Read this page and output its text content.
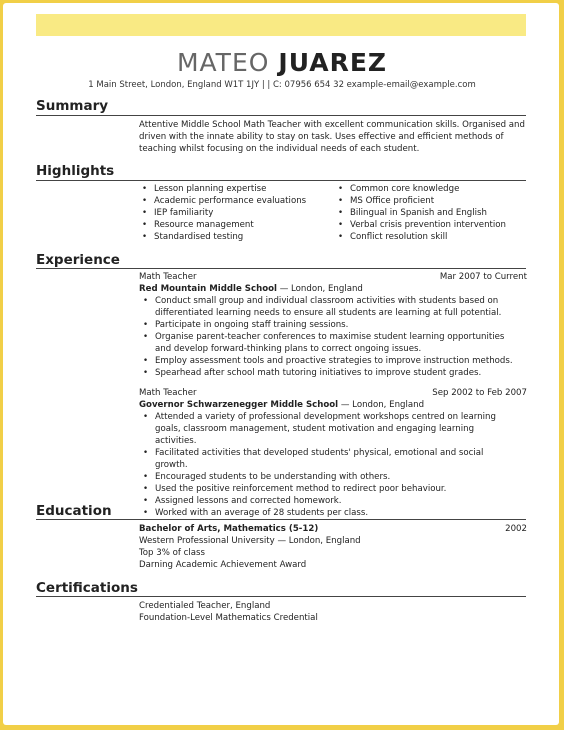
MATEO JUAREZ
1 Main Street, London, England W1T 1JY | | C: 07956 654 32 example-email@example.com
Summary

Attentive Middle School Math Teacher with excellent communication skills. Organised and driven with the innate ability to stay on task. Uses effective and efficient methods of teaching whilst focusing on the individual needs of each student.

Highlights
• Lesson planning expertise
• Academic performance evaluations
• IEP familiarity
• Resource management
• Standardised testing
• Common core knowledge
• MS Office proficient
• Bilingual in Spanish and English
• Verbal crisis prevention intervention
• Conflict resolution skill
Experience
Math Teacher	Mar 2007 to Current
Red Mountain Middle School — London, England
• Conduct small group and individual classroom activities with students based on differentiated learning needs to ensure all students are learning at full potential.
• Participate in ongoing staff training sessions.
• Organise parent-teacher conferences to maximise student learning opportunities and develop forward-thinking plans to correct ongoing issues.
• Employ assessment tools and proactive strategies to improve instruction methods.
• Spearhead after school math tutoring initiatives to improve student grades.
Math Teacher	Sep 2002 to Feb 2007
Governor Schwarzenegger Middle School — London, England
• Attended a variety of professional development workshops centred on learning goals, classroom management, student motivation and engaging learning activities.
• Facilitated activities that developed students' physical, emotional and social growth.
• Encouraged students to be understanding with others.
• Used the positive reinforcement method to redirect poor behaviour.
• Assigned lessons and corrected homework.
• Worked with an average of 28 students per class.
Education
Bachelor of Arts, Mathematics (5-12)	2002
Western Professional University — London, England

Top 3% of class

Darning Academic Achievement Award

Certifications

Credentialed Teacher, England

Foundation-Level Mathematics Credential
